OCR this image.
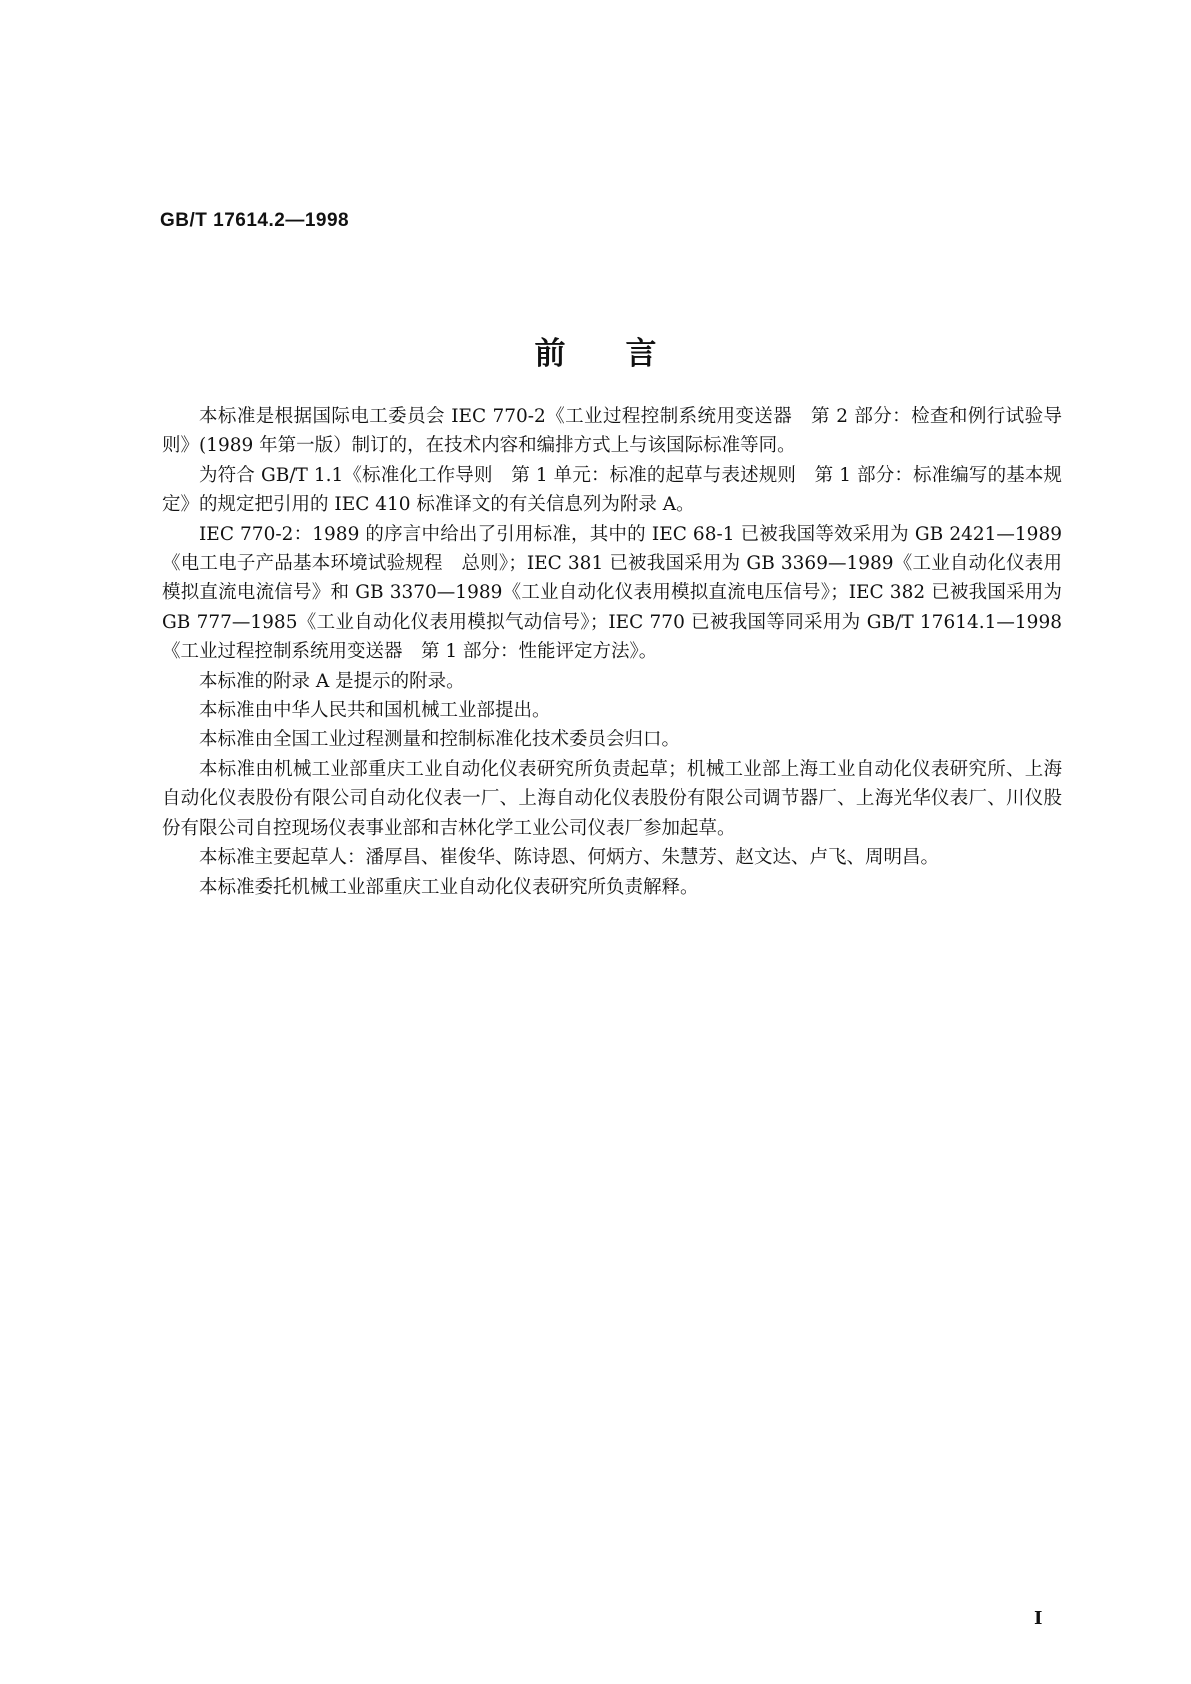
GB/T 17614.2—1998
前言

本标准是根据国际电工委员会 IEC 770-2《工业过程控制系统用变送器　第 2 部分：检查和例行试验导则》(1989 年第一版）制订的，在技术内容和编排方式上与该国际标准等同。

为符合 GB/T 1.1《标准化工作导则　第 1 单元：标准的起草与表述规则　第 1 部分：标准编写的基本规定》的规定把引用的 IEC 410 标准译文的有关信息列为附录 A。

IEC 770-2：1989 的序言中给出了引用标准，其中的 IEC 68-1 已被我国等效采用为 GB 2421—1989《电工电子产品基本环境试验规程　总则》；IEC 381 已被我国采用为 GB 3369—1989《工业自动化仪表用模拟直流电流信号》和 GB 3370—1989《工业自动化仪表用模拟直流电压信号》；IEC 382 已被我国采用为GB 777—1985《工业自动化仪表用模拟气动信号》；IEC 770 已被我国等同采用为 GB/T 17614.1—1998《工业过程控制系统用变送器　第 1 部分：性能评定方法》。

本标准的附录 A 是提示的附录。

本标准由中华人民共和国机械工业部提出。

本标准由全国工业过程测量和控制标准化技术委员会归口。

本标准由机械工业部重庆工业自动化仪表研究所负责起草；机械工业部上海工业自动化仪表研究所、上海自动化仪表股份有限公司自动化仪表一厂、上海自动化仪表股份有限公司调节器厂、上海光华仪表厂、川仪股份有限公司自控现场仪表事业部和吉林化学工业公司仪表厂参加起草。

本标准主要起草人：潘厚昌、崔俊华、陈诗恩、何炳方、朱慧芳、赵文达、卢飞、周明昌。

本标准委托机械工业部重庆工业自动化仪表研究所负责解释。

I
